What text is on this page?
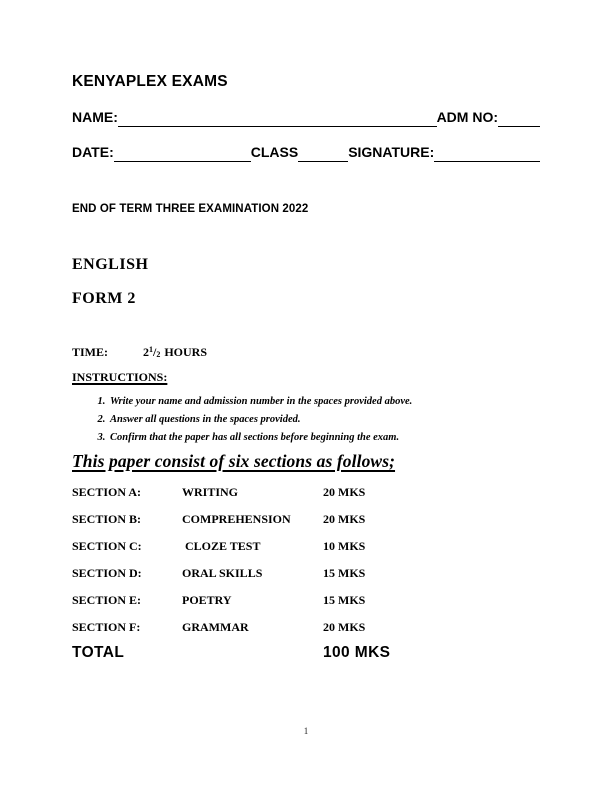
KENYAPLEX EXAMS
NAME:	ADM NO:
DATE:	CLASS	SIGNATURE:
END OF TERM THREE EXAMINATION 2022
ENGLISH
FORM 2
TIME:	$2^1/_2$ HOURS
INSTRUCTIONS:
1. Write your name and admission number in the spaces provided above.
2. Answer all questions in the spaces provided.
3. Confirm that the paper has all sections before beginning the exam.
This paper consist of six sections as follows;
SECTION A:	WRITING	20 MKS
SECTION B:	COMPREHENSION	20 MKS
SECTION C:	CLOZE TEST	10 MKS
SECTION D:	ORAL SKILLS	15 MKS
SECTION E:	POETRY	15 MKS
SECTION F:	GRAMMAR	20 MKS
TOTAL	100 MKS
1
